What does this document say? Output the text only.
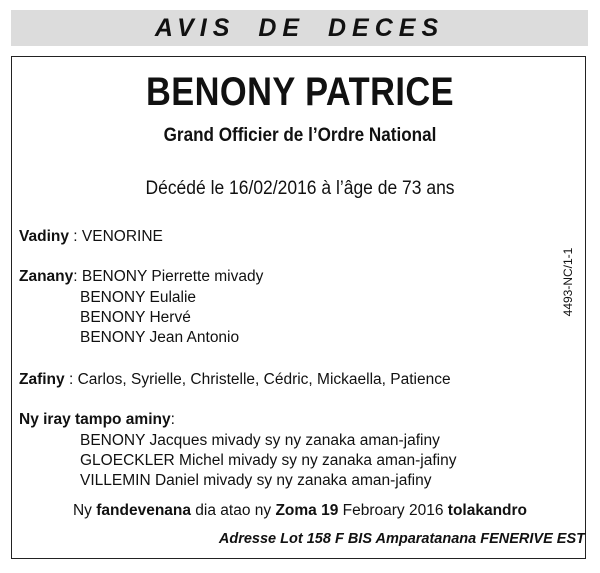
AVIS DE DECES
BENONY PATRICE
Grand Officier de l’Ordre National
Décédé le 16/02/2016 à l’âge de 73 ans
Vadiny : VENORINE
Zanany: BENONY Pierrette mivady
BENONY Eulalie
BENONY Hervé
BENONY Jean Antonio
Zafiny : Carlos, Syrielle, Christelle, Cédric, Mickaella, Patience
Ny iray tampo aminy:
BENONY Jacques mivady sy ny zanaka aman-jafiny
GLOECKLER Michel mivady sy ny zanaka aman-jafiny
VILLEMIN Daniel mivady sy ny zanaka aman-jafiny
Ny fandevenana dia atao ny Zoma 19 Febroary 2016 tolakandro
Adresse Lot 158 F BIS Amparatanana FENERIVE EST
4493-NC/1-1
